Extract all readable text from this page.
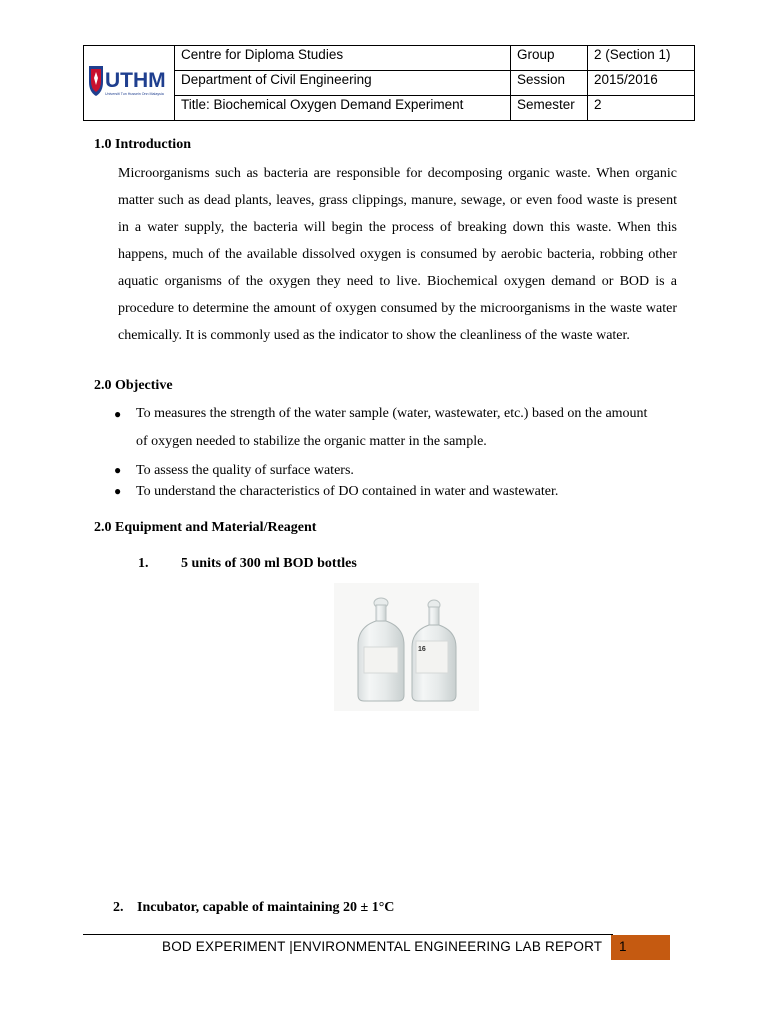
UTHM
Universiti Tun Hussein Onn Malaysia	Centre for Diploma Studies	Group	2 (Section 1)
	Department of Civil Engineering	Session	2015/2016
	Title: Biochemical Oxygen Demand Experiment	Semester	2
1.0 Introduction

Microorganisms such as bacteria are responsible for decomposing organic waste. When organic matter such as dead plants, leaves, grass clippings, manure, sewage, or even food waste is present in a water supply, the bacteria will begin the process of breaking down this waste. When this happens, much of the available dissolved oxygen is consumed by aerobic bacteria, robbing other aquatic organisms of the oxygen they need to live. Biochemical oxygen demand or BOD is a procedure to determine the amount of oxygen consumed by the microorganisms in the waste water chemically. It is commonly used as the indicator to show the cleanliness of the waste water.

2.0 Objective
● To measures the strength of the water sample (water, wastewater, etc.) based on the amount of oxygen needed to stabilize the organic matter in the sample.
● To assess the quality of surface waters.
● To understand the characteristics of DO contained in water and wastewater.
2.0 Equipment and Material/Reagent
1. 5 units of 300 ml BOD bottles
16
2. Incubator, capable of maintaining 20 ± 1°C
BOD EXPERIMENT |ENVIRONMENTAL ENGINEERING LAB REPORT 1
